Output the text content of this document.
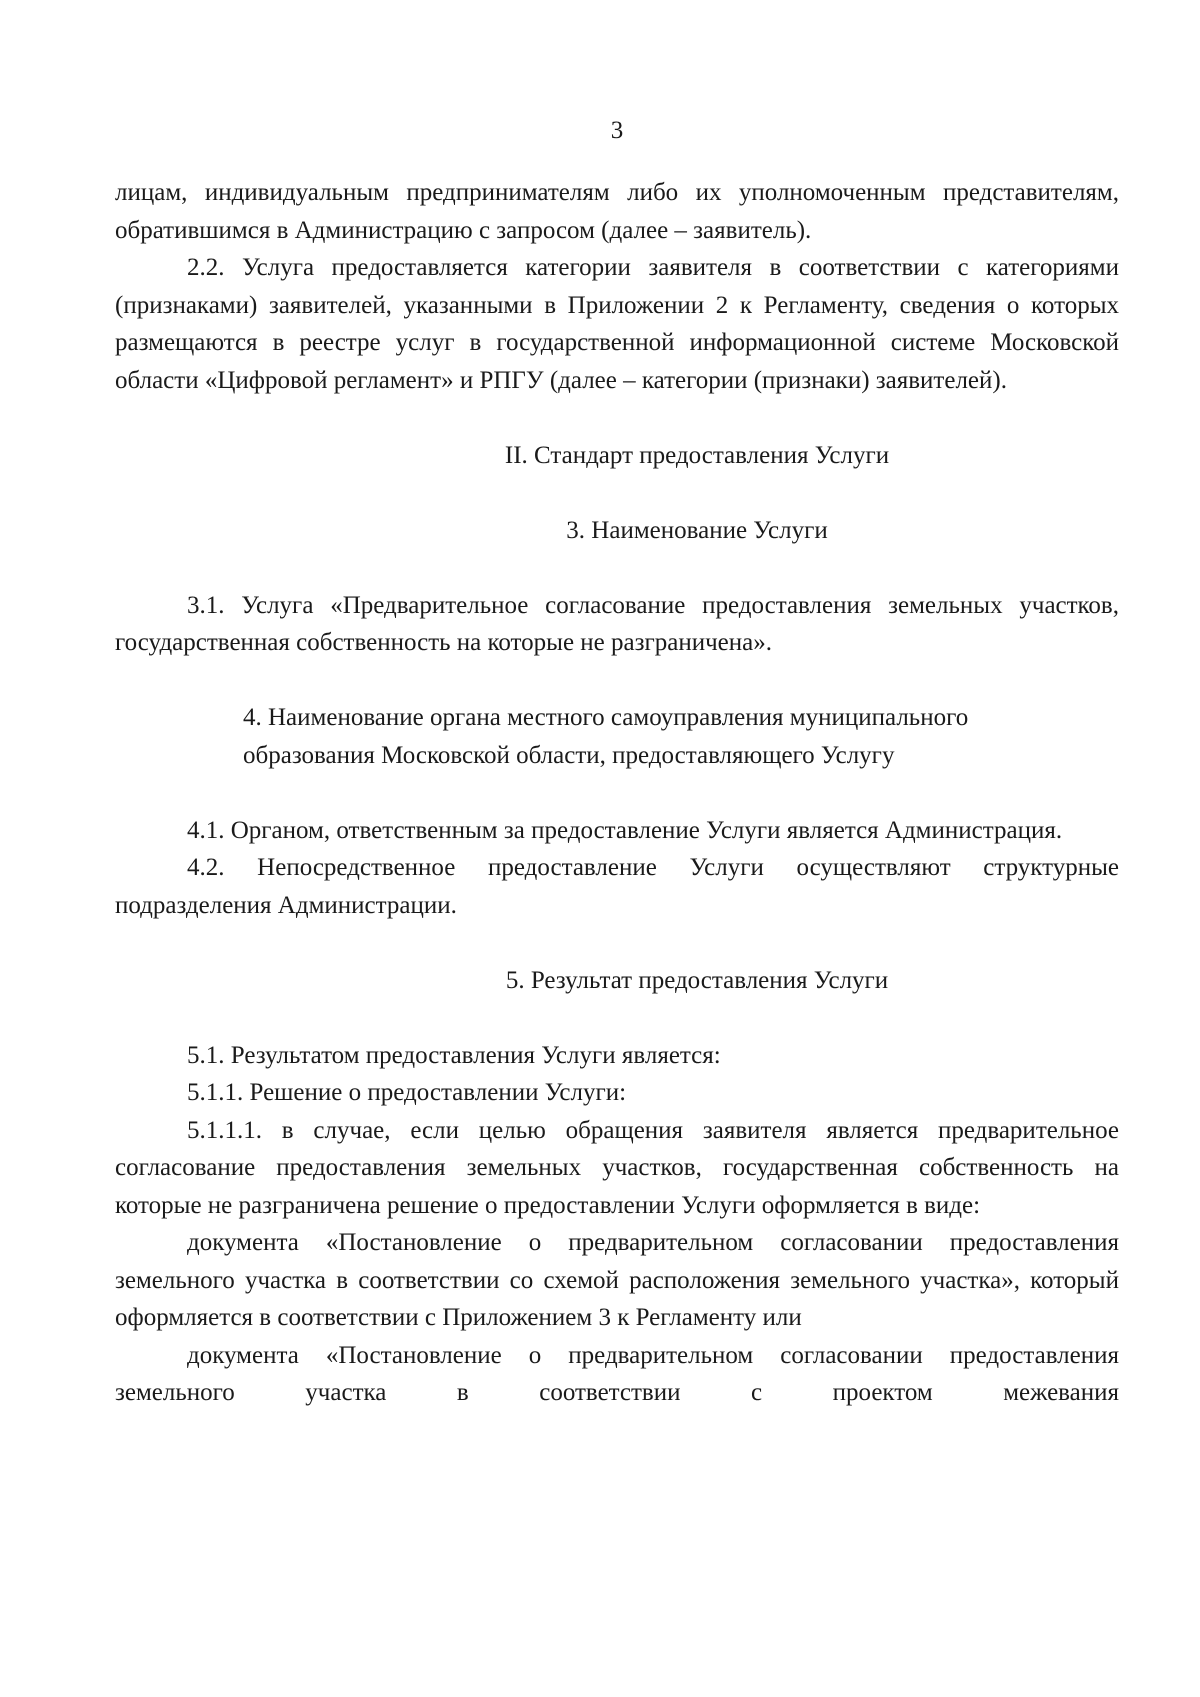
3

лицам, индивидуальным предпринимателям либо их уполномоченным представителям, обратившимся в Администрацию с запросом (далее – заявитель).

2.2. Услуга предоставляется категории заявителя в соответствии с категориями (признаками) заявителей, указанными в Приложении 2 к Регламенту, сведения о которых размещаются в реестре услуг в государственной информационной системе Московской области «Цифровой регламент» и РПГУ (далее – категории (признаки) заявителей).

II. Стандарт предоставления Услуги
3. Наименование Услуги

3.1. Услуга «Предварительное согласование предоставления земельных участков, государственная собственность на которые не разграничена».

4. Наименование органа местного самоуправления муниципального образования Московской области, предоставляющего Услугу

4.1. Органом, ответственным за предоставление Услуги является Администрация.

4.2. Непосредственное предоставление Услуги осуществляют структурные подразделения Администрации.

5. Результат предоставления Услуги

5.1. Результатом предоставления Услуги является:

5.1.1. Решение о предоставлении Услуги:

5.1.1.1. в случае, если целью обращения заявителя является предварительное согласование предоставления земельных участков, государственная собственность на которые не разграничена решение о предоставлении Услуги оформляется в виде:

документа «Постановление о предварительном согласовании предоставления земельного участка в соответствии со схемой расположения земельного участка», который оформляется в соответствии с Приложением 3 к Регламенту или

документа «Постановление о предварительном согласовании предоставления земельного участка в соответствии с проектом межевания
